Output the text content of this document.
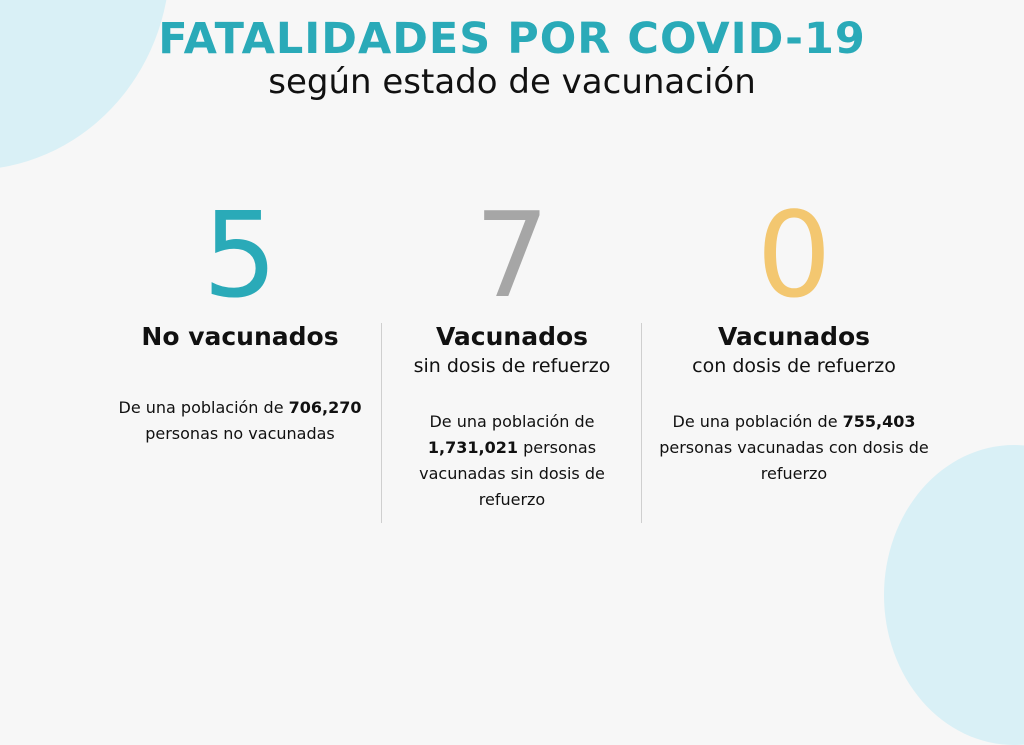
FATALIDADES POR COVID-19
según estado de vacunación
5
No vacunados
De una población de 706,270
personas no vacunadas
7
Vacunados
sin dosis de refuerzo
De una población de 1,731,021 personas vacunadas sin dosis de refuerzo
0
Vacunados
con dosis de refuerzo
De una población de 755,403
personas vacunadas con dosis de refuerzo
